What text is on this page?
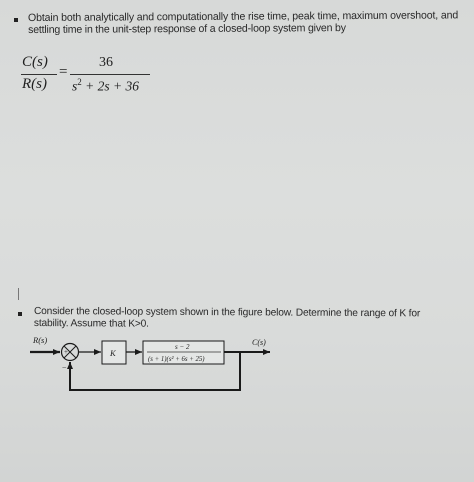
Obtain both analytically and computationally the rise time, peak time, maximum overshoot, and
settling time in the unit-step response of a closed-loop system given by
C(s)
R(s)
=
36
$s^2 + 2s + 36$
Consider the closed-loop system shown in the figure below. Determine the range of K for
stability. Assume that K>0.
R(s)
+
−
K
s − 2
(s + 1)(s² + 6s + 25)
C(s)
